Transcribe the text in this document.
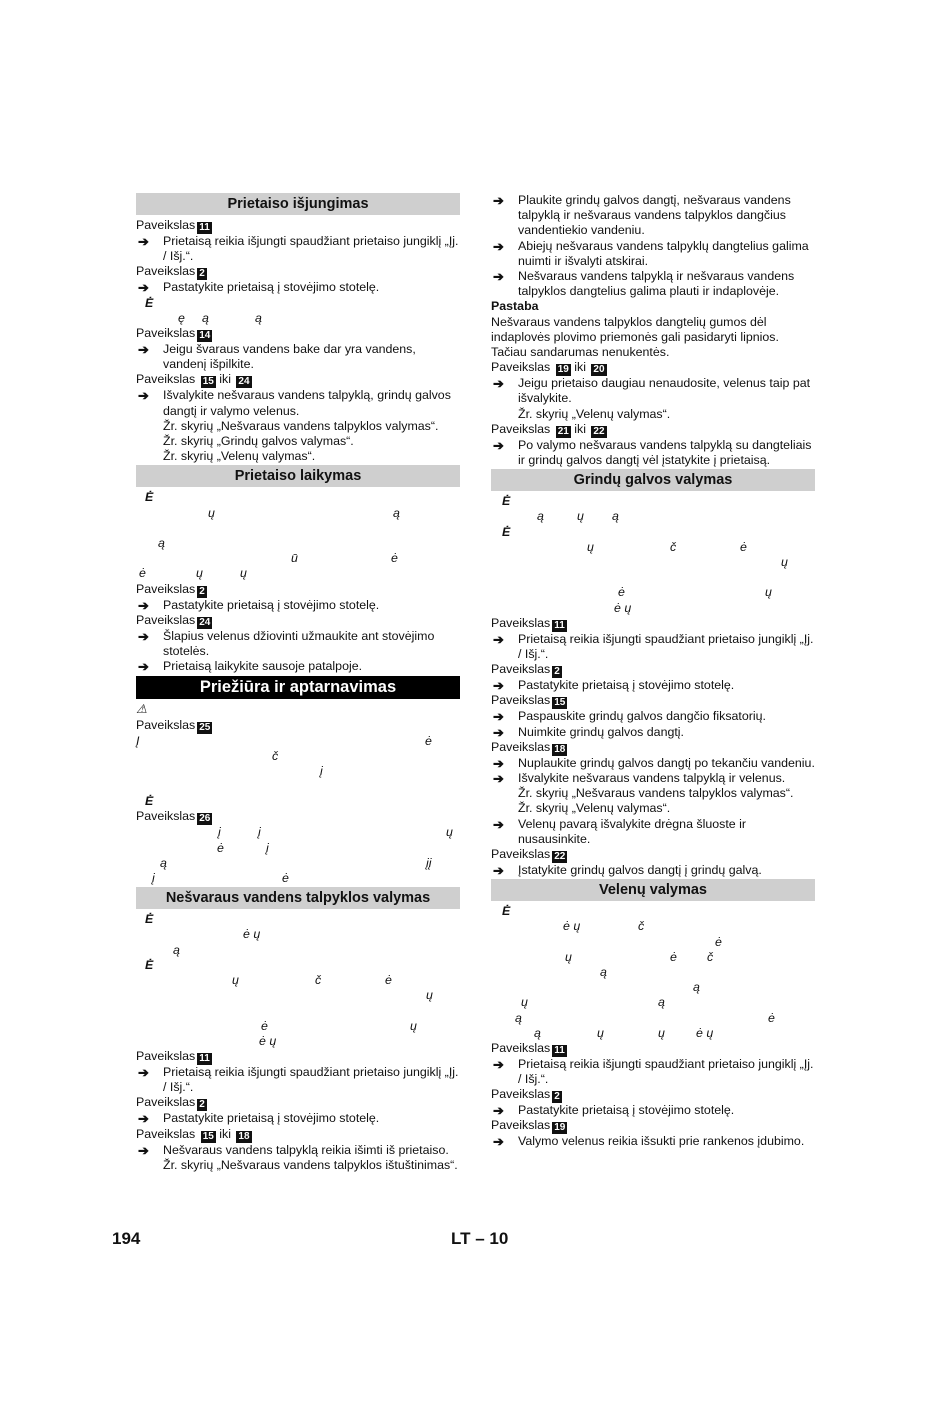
Prietaiso išjungimas

Paveikslas 11

➔ Prietaisą reikia išjungti spaudžiant prietaiso jungiklį „Įj. / Išj.“.

Paveikslas 2

➔ Pastatykite prietaisą į stovėjimo stotelę.

Ė
ę ą	ą

Paveikslas 14

➔ Jeigu švaraus vandens bake dar yra vandens, vandenį išpilkite.

Paveikslas 15 iki 24

➔ Išvalykite nešvaraus vandens talpyklą, grindų galvos dangtį ir valymo velenus.

Žr. skyrių „Nešvaraus vandens talpyklos valymas“.

Žr. skyrių „Grindų galvos valymas“.

Žr. skyrių „Velenų valymas“.

Prietaiso laikymas
Ė
ų	ą
ą
ū	ė
ė	ų	ų

Paveikslas 2

➔ Pastatykite prietaisą į stovėjimo stotelę.

Paveikslas 24

➔ Šlapius velenus džiovinti užmaukite ant stovėjimo stotelės.

➔ Prietaisą laikykite sausoje patalpoje.

Priežiūra ir aptarnavimas
⚠

Paveikslas 25

Į	ė
č
į
Ė

Paveikslas 26

į	į	ų
ė	į
ą	įį
į	ė
Nešvaraus vandens talpyklos valymas
Ė
ė ų
ą
Ė
ų	č	ė
ų
ė	ų
ė ų

Paveikslas 11

➔ Prietaisą reikia išjungti spaudžiant prietaiso jungiklį „Įj. / Išj.“.

Paveikslas 2

➔ Pastatykite prietaisą į stovėjimo stotelę.

Paveikslas 15 iki 18

➔ Nešvaraus vandens talpyklą reikia išimti iš prietaiso.

Žr. skyrių „Nešvaraus vandens talpyklos ištuštinimas“.

➔ Plaukite grindų galvos dangtį, nešvaraus vandens talpyklą ir nešvaraus vandens talpyklos dangčius vandentiekio vandeniu.

➔ Abiejų nešvaraus vandens talpyklų dangtelius galima nuimti ir išvalyti atskirai.

➔ Nešvaraus vandens talpyklą ir nešvaraus vandens talpyklos dangtelius galima plauti ir indaplovėje.

Pastaba

Nešvaraus vandens talpyklos dangtelių gumos dėl indaplovės plovimo priemonės gali pasidaryti lipnios. Tačiau sandarumas nenukentės.

Paveikslas 19 iki 20

➔ Jeigu prietaiso daugiau nenaudosite, velenus taip pat išvalykite.

Žr. skyrių „Velenų valymas“.

Paveikslas 21 iki 22

➔ Po valymo nešvaraus vandens talpyklą su dangteliais ir grindų galvos dangtį vėl įstatykite į prietaisą.

Grindų galvos valymas
Ė
ą	ų ą
Ė
ų	č	ė
ų
ė	ų
ė ų

Paveikslas 11

➔ Prietaisą reikia išjungti spaudžiant prietaiso jungiklį „Įj. / Išj.“.

Paveikslas 2

➔ Pastatykite prietaisą į stovėjimo stotelę.

Paveikslas 15

➔ Paspauskite grindų galvos dangčio fiksatorių.

➔ Nuimkite grindų galvos dangtį.

Paveikslas 18

➔ Nuplaukite grindų galvos dangtį po tekančiu vandeniu.

➔ Išvalykite nešvaraus vandens talpyklą ir velenus.

Žr. skyrių „Nešvaraus vandens talpyklos valymas“.

Žr. skyrių „Velenų valymas“.

➔ Velenų pavarą išvalykite drėgna šluoste ir nusausinkite.

Paveikslas 22

➔ Įstatykite grindų galvos dangtį į grindų galvą.

Velenų valymas
Ė
ė ų	č
ė
ų	ė č
ą
ą
ų	ą
ą	ė
ą	ų	ų	ė ų

Paveikslas 11

➔ Prietaisą reikia išjungti spaudžiant prietaiso jungiklį „Įj. / Išj.“.

Paveikslas 2

➔ Pastatykite prietaisą į stovėjimo stotelę.

Paveikslas 19

➔ Valymo velenus reikia išsukti prie rankenos įdubimo.

194	LT – 10
